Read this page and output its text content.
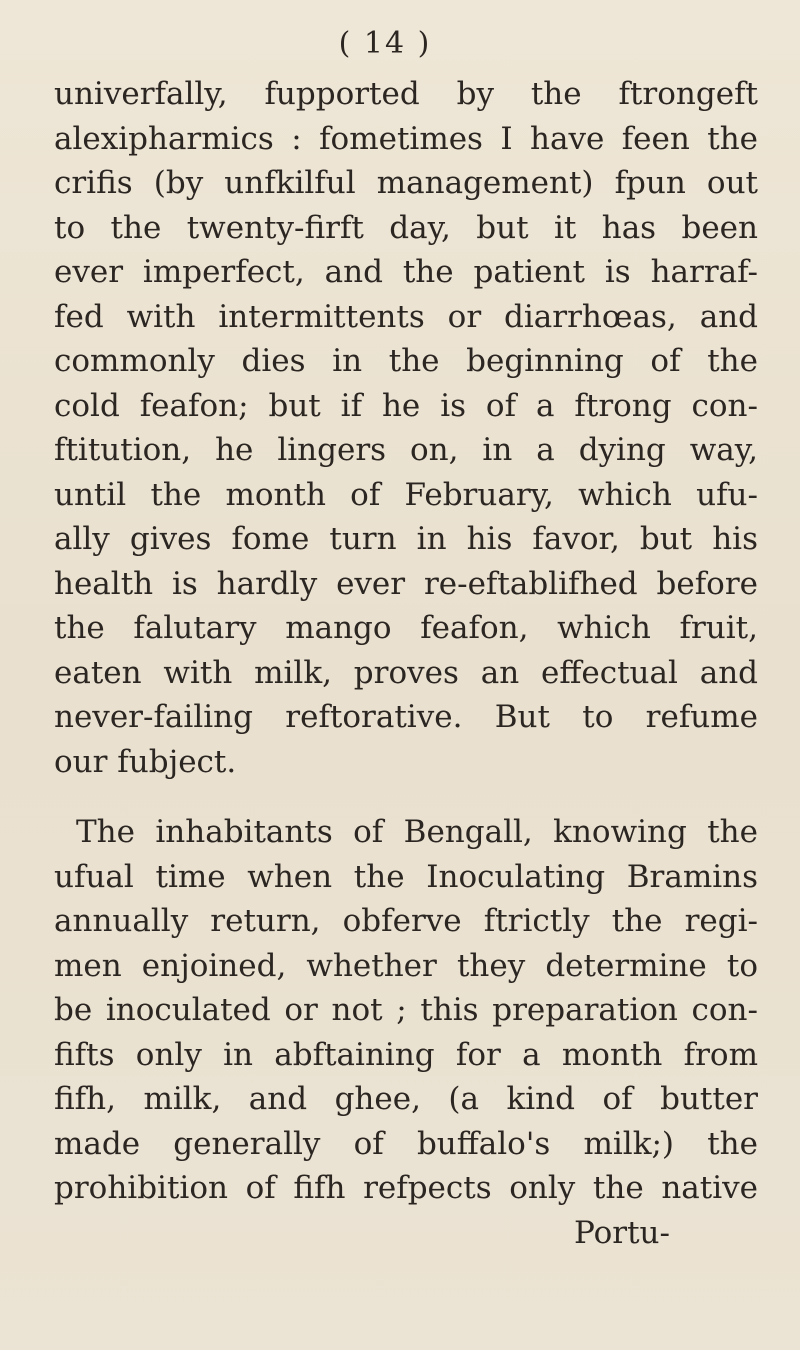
( 14 )
univerfally, fupported by the ftrongeft
alexipharmics : fometimes I have feen the
crifis (by unfkilful management) fpun out
to the twenty-firft day, but it has been
ever imperfect, and the patient is harraf-
fed with intermittents or diarrhœas, and
commonly dies in the beginning of the
cold feafon; but if he is of a ftrong con-
ftitution, he lingers on, in a dying way,
until the month of February, which ufu-
ally gives fome turn in his favor, but his
health is hardly ever re-eftablifhed before
the falutary mango feafon, which fruit,
eaten with milk, proves an effectual and
never-failing reftorative. But to refume
our fubject.
The inhabitants of Bengall, knowing the
ufual time when the Inoculating Bramins
annually return, obferve ftrictly the regi-
men enjoined, whether they determine to
be inoculated or not ; this preparation con-
fifts only in abftaining for a month from
fifh, milk, and ghee, (a kind of butter
made generally of buffalo's milk;) the
prohibition of fifh refpects only the native
Portu-
